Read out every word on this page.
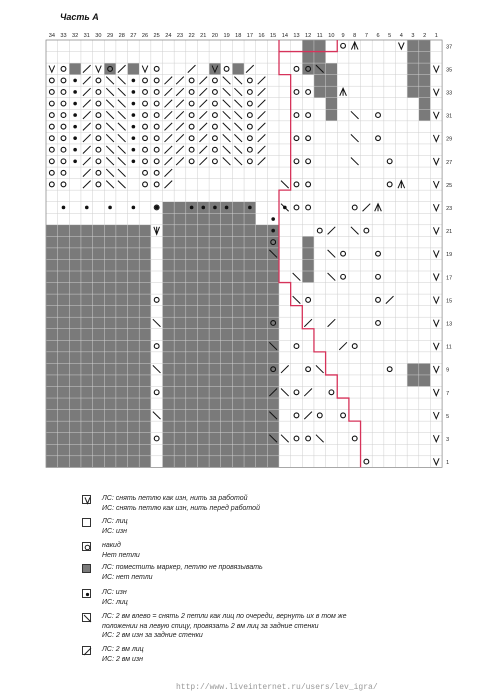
Часть А
34 33 32 31 30 29 28 27 26 25 24 23 22 21 20 19 18 17 16 15 14 13 12 11 10 9 8 7 6 5 4 3 2 1
37
35
33
31
29
27
25
23
21
19
17
15
13
11
9
7
5
3
1
ЛС: снять петлю как изн, нить за работой
ИС: снять петлю как изн, нить перед работой
ЛС: лиц
ИС: изн
накид
Нет петли
ЛС: поместить маркер, петлю не провязывать
ИС: нет петли
ЛС: изн
ИС: лиц
ЛС: 2 вм влево = снять 2 петли как лиц по очереди, вернуть их в том же
положении на левую спицу, провязать 2 вм лиц за задние стенки
ИС: 2 вм изн за задние стенки
ЛС: 2 вм лиц
ИС: 2 вм изн
http://www.liveinternet.ru/users/lev_igra/
